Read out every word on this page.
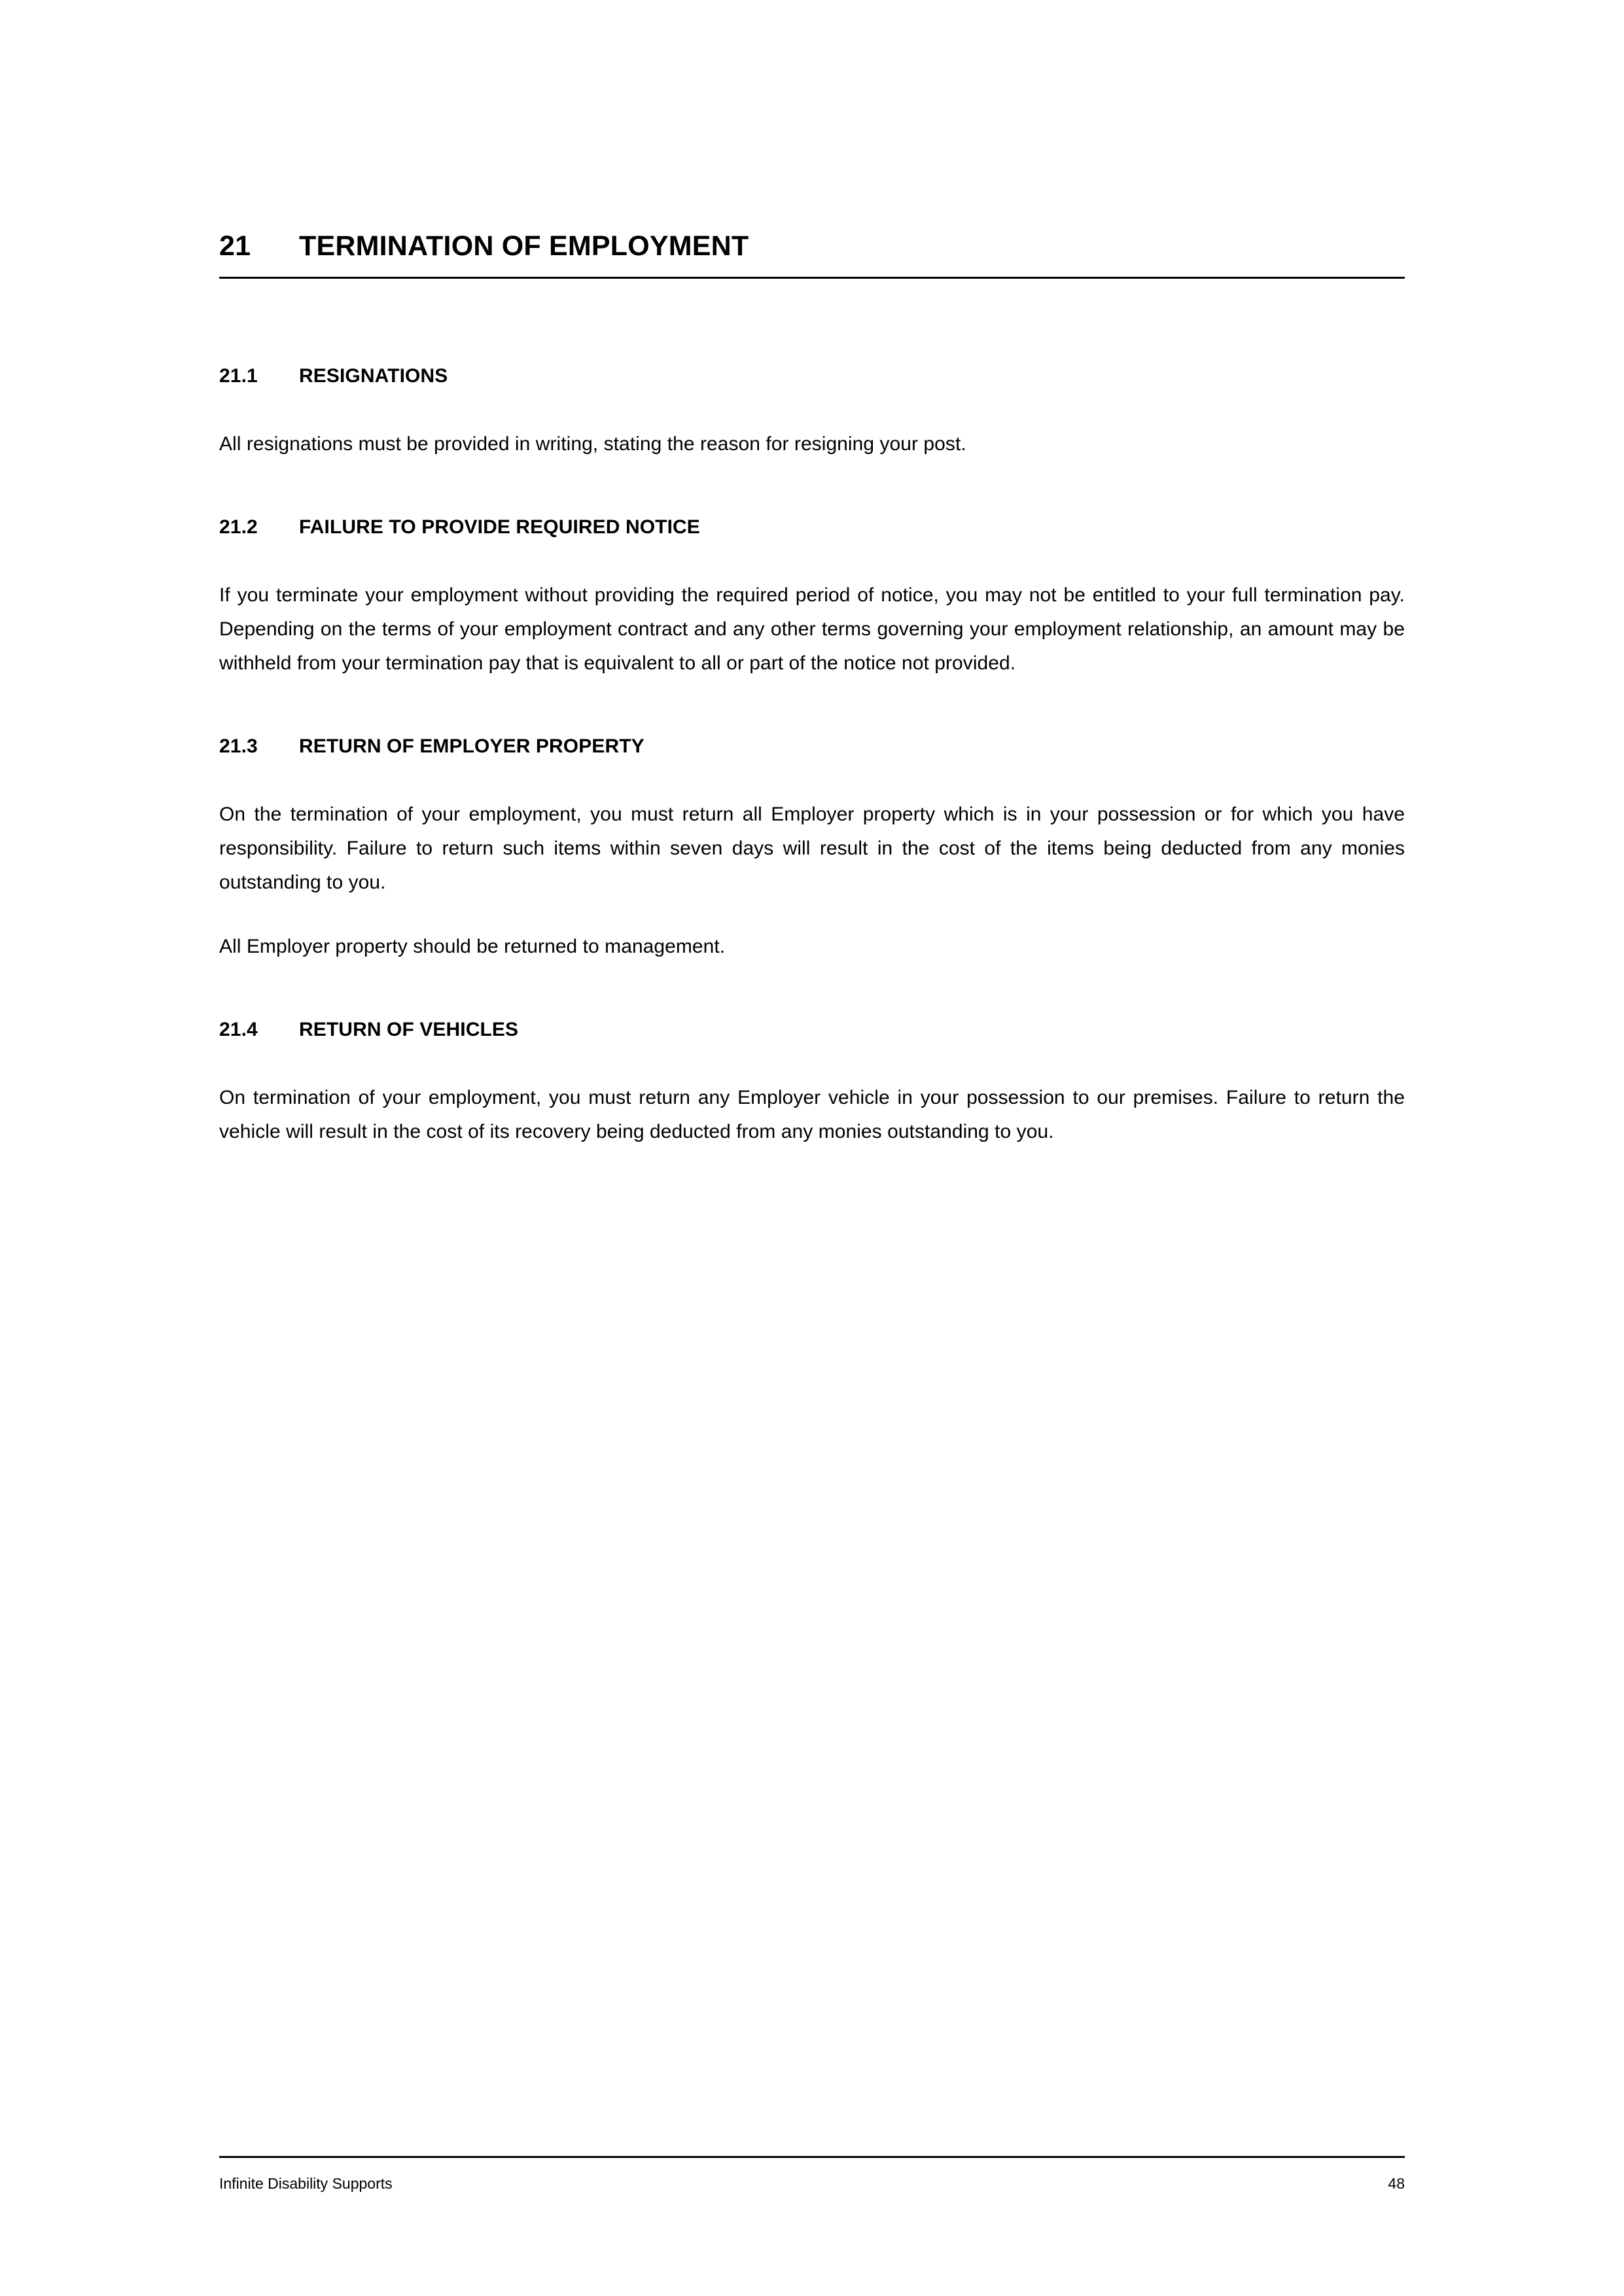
21	TERMINATION OF EMPLOYMENT
21.1	RESIGNATIONS

All resignations must be provided in writing, stating the reason for resigning your post.

21.2	FAILURE TO PROVIDE REQUIRED NOTICE

If you terminate your employment without providing the required period of notice, you may not be entitled to your full termination pay. Depending on the terms of your employment contract and any other terms governing your employment relationship, an amount may be withheld from your termination pay that is equivalent to all or part of the notice not provided.

21.3	RETURN OF EMPLOYER PROPERTY

On the termination of your employment, you must return all Employer property which is in your possession or for which you have responsibility. Failure to return such items within seven days will result in the cost of the items being deducted from any monies outstanding to you.

All Employer property should be returned to management.

21.4	RETURN OF VEHICLES

On termination of your employment, you must return any Employer vehicle in your possession to our premises. Failure to return the vehicle will result in the cost of its recovery being deducted from any monies outstanding to you.

Infinite Disability Supports	48
